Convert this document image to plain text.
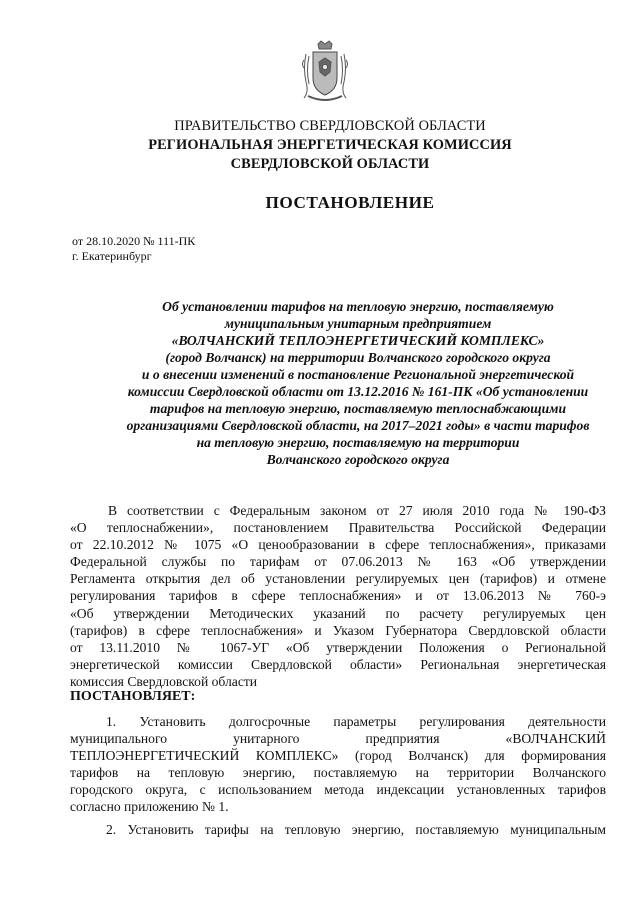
ПРАВИТЕЛЬСТВО СВЕРДЛОВСКОЙ ОБЛАСТИ
РЕГИОНАЛЬНАЯ ЭНЕРГЕТИЧЕСКАЯ КОМИССИЯ
СВЕРДЛОВСКОЙ ОБЛАСТИ
ПОСТАНОВЛЕНИЕ
от 28.10.2020 № 111-ПК
г. Екатеринбург
Об установлении тарифов на тепловую энергию, поставляемую
муниципальным унитарным предприятием
«ВОЛЧАНСКИЙ ТЕПЛОЭНЕРГЕТИЧЕСКИЙ КОМПЛЕКС»
(город Волчанск) на территории Волчанского городского округа
и о внесении изменений в постановление Региональной энергетической
комиссии Свердловской области от 13.12.2016 № 161-ПК «Об установлении
тарифов на тепловую энергию, поставляемую теплоснабжающими
организациями Свердловской области, на 2017–2021 годы» в части тарифов
на тепловую энергию, поставляемую на территории
Волчанского городского округа
В соответствии с Федеральным законом от 27 июля 2010 года № 190-ФЗ
«О теплоснабжении», постановлением Правительства Российской Федерации
от 22.10.2012 № 1075 «О ценообразовании в сфере теплоснабжения», приказами
Федеральной службы по тарифам от 07.06.2013 № 163 «Об утверждении
Регламента открытия дел об установлении регулируемых цен (тарифов) и отмене
регулирования тарифов в сфере теплоснабжения» и от 13.06.2013 № 760-э
«Об утверждении Методических указаний по расчету регулируемых цен
(тарифов) в сфере теплоснабжения» и Указом Губернатора Свердловской области
от 13.11.2010 № 1067-УГ «Об утверждении Положения о Региональной
энергетической комиссии Свердловской области» Региональная энергетическая
комиссия Свердловской области
ПОСТАНОВЛЯЕТ:
1. Установить долгосрочные параметры регулирования деятельности
муниципального унитарного предприятия «ВОЛЧАНСКИЙ
ТЕПЛОЭНЕРГЕТИЧЕСКИЙ КОМПЛЕКС» (город Волчанск) для формирования
тарифов на тепловую энергию, поставляемую на территории Волчанского
городского округа, с использованием метода индексации установленных тарифов
согласно приложению № 1.
2. Установить тарифы на тепловую энергию, поставляемую муниципальным
